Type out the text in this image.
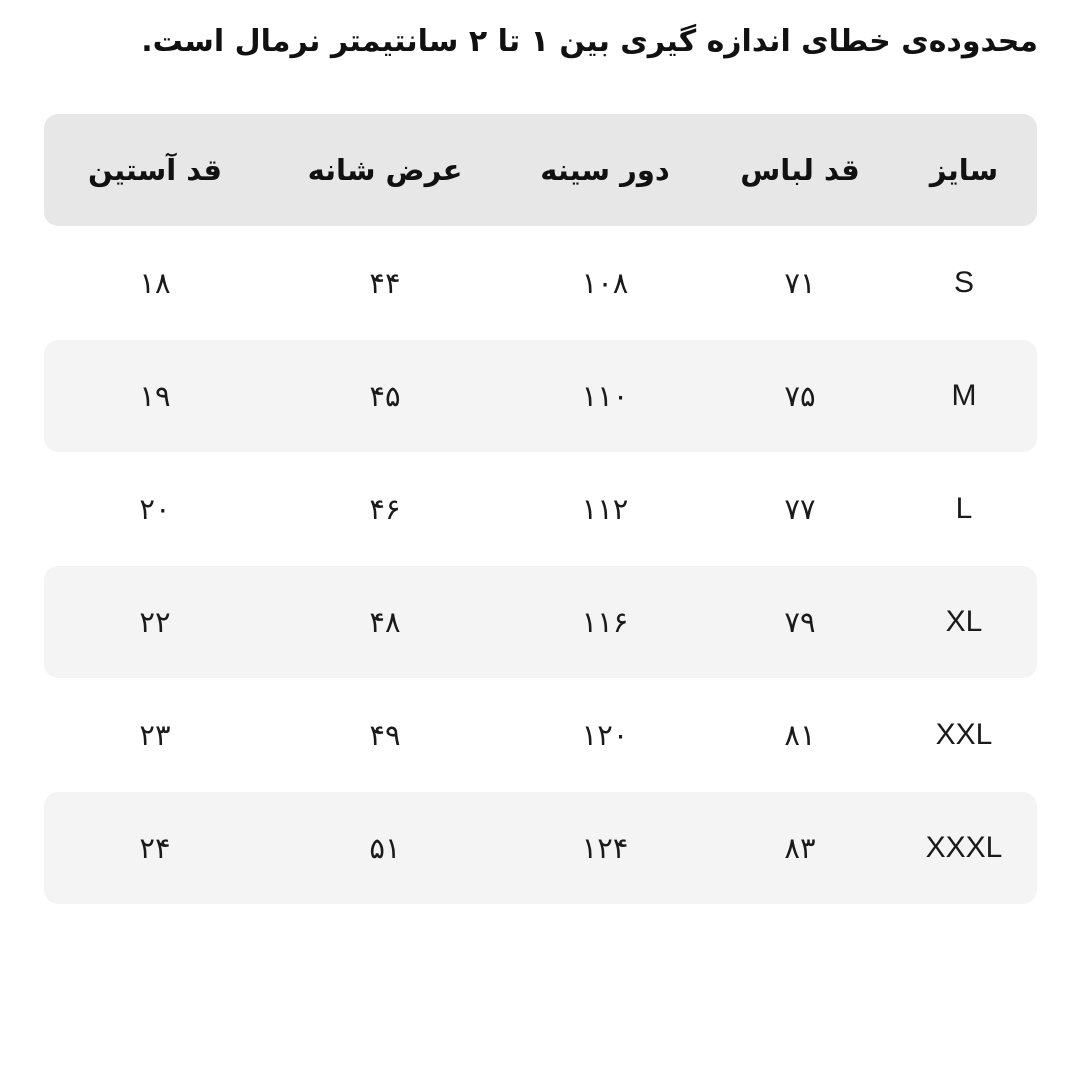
محدوده‌ی خطای اندازه گیری بین ۱ تا ۲ سانتیمتر نرمال است.
سایز
قد لباس
دور سینه
عرض شانه
قد آستین
S
۷۱
۱۰۸
۴۴
۱۸
M
۷۵
۱۱۰
۴۵
۱۹
L
۷۷
۱۱۲
۴۶
۲۰
XL
۷۹
۱۱۶
۴۸
۲۲
XXL
۸۱
۱۲۰
۴۹
۲۳
XXXL
۸۳
۱۲۴
۵۱
۲۴
